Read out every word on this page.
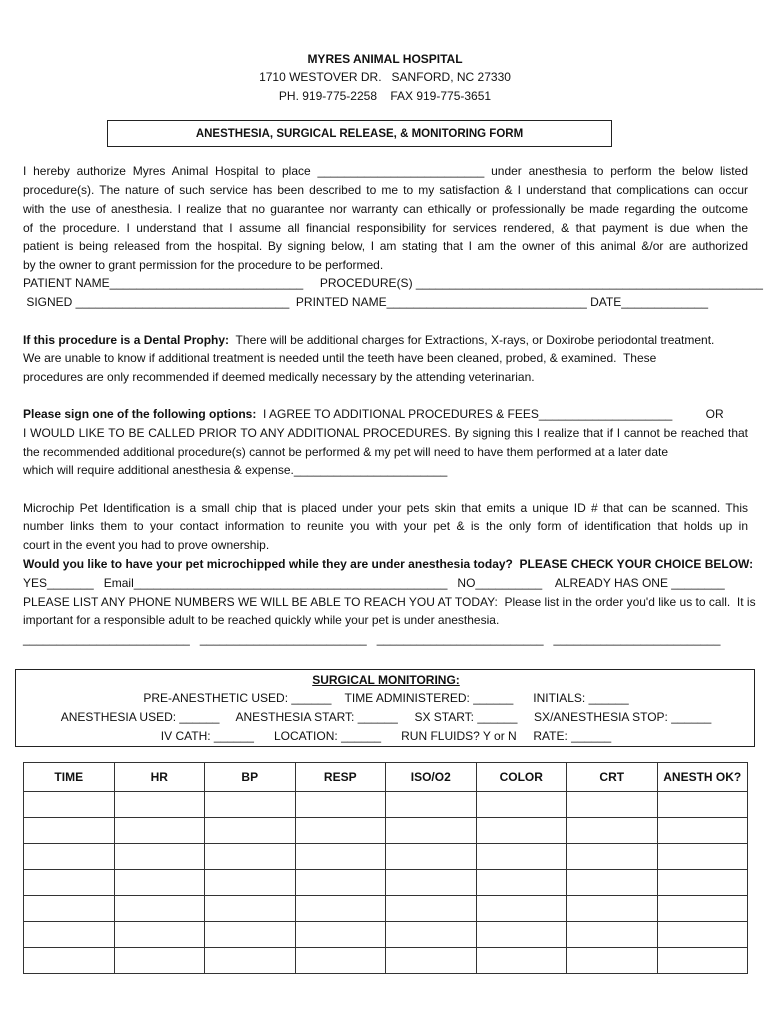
MYRES ANIMAL HOSPITAL
1710 WESTOVER DR.   SANFORD, NC 27330
PH. 919-775-2258    FAX 919-775-3651
ANESTHESIA, SURGICAL RELEASE, & MONITORING FORM
I hereby authorize Myres Animal Hospital to place _________________________ under anesthesia to perform the below listed
procedure(s). The nature of such service has been described to me to my satisfaction & I understand that complications can occur
with the use of anesthesia. I realize that no guarantee nor warranty can ethically or professionally be made regarding the outcome
of the procedure. I understand that I assume all financial responsibility for services rendered, & that payment is due when the
patient is being released from the hospital. By signing below, I am stating that I am the owner of this animal &/or are authorized
by the owner to grant permission for the procedure to be performed.
PATIENT NAME_____________________________     PROCEDURE(S) ____________________________________________________
SIGNED ________________________________  PRINTED NAME______________________________ DATE_____________
If this procedure is a Dental Prophy:  There will be additional charges for Extractions, X-rays, or Doxirobe periodontal treatment.
We are unable to know if additional treatment is needed until the teeth have been cleaned, probed, & examined.  These
procedures are only recommended if deemed medically necessary by the attending veterinarian.
Please sign one of the following options:  I AGREE TO ADDITIONAL PROCEDURES & FEES____________________          OR
I WOULD LIKE TO BE CALLED PRIOR TO ANY ADDITIONAL PROCEDURES. By signing this I realize that if I cannot be reached that
the recommended additional procedure(s) cannot be performed & my pet will need to have them performed at a later date
which will require additional anesthesia & expense._______________________
Microchip Pet Identification is a small chip that is placed under your pets skin that emits a unique ID # that can be scanned. This
number links them to your contact information to reunite you with your pet & is the only form of identification that holds up in
court in the event you had to prove ownership.
Would you like to have your pet microchipped while they are under anesthesia today?  PLEASE CHECK YOUR CHOICE BELOW:
YES_______   Email_______________________________________________   NO__________    ALREADY HAS ONE ________
PLEASE LIST ANY PHONE NUMBERS WE WILL BE ABLE TO REACH YOU AT TODAY:  Please list in the order you'd like us to call.  It is
important for a responsible adult to be reached quickly while your pet is under anesthesia.
_________________________   _________________________   _________________________   _________________________
SURGICAL MONITORING:
PRE-ANESTHETIC USED: ______    TIME ADMINISTERED: ______      INITIALS: ______
ANESTHESIA USED: ______     ANESTHESIA START: ______     SX START: ______     SX/ANESTHESIA STOP: ______
IV CATH: ______      LOCATION: ______      RUN FLUIDS? Y or N     RATE: ______
TIME	HR	BP	RESP	ISO/O2	COLOR	CRT	ANESTH OK?
